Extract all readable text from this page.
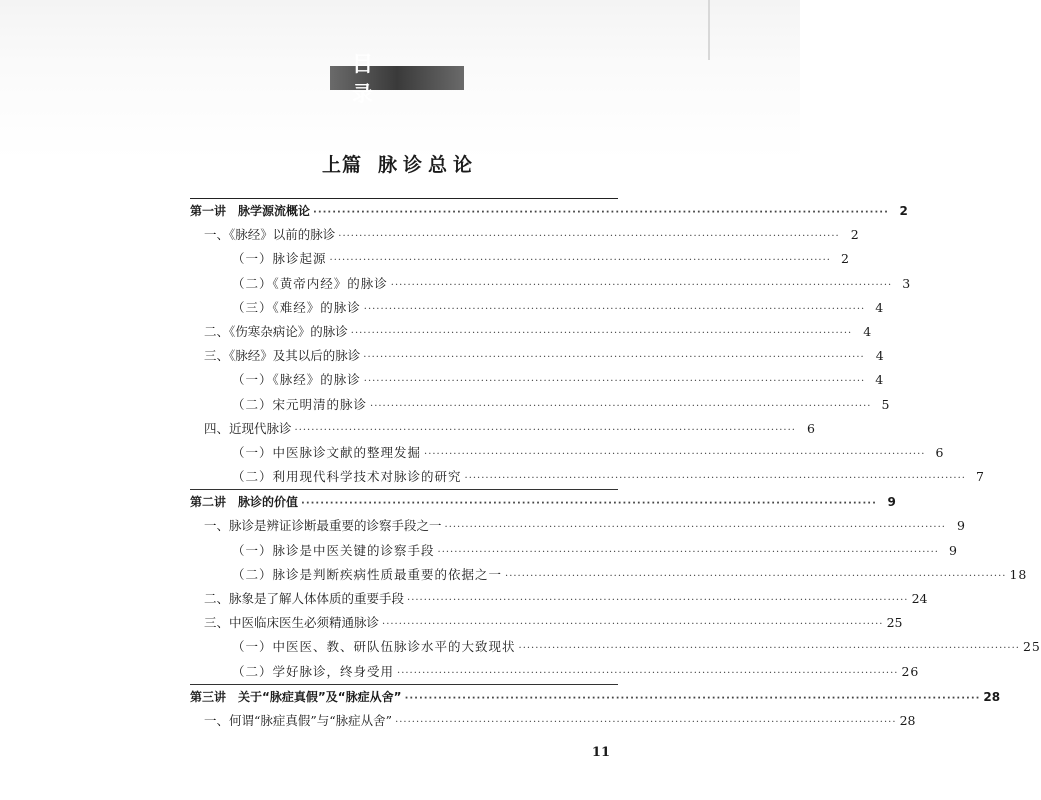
目 录
上篇 脉诊总论
第一讲　脉学源流概论 ························································································································ 2
一、《脉经》以前的脉诊 ························································································································ 2
（一）脉诊起源 ························································································································ 2
（二）《黄帝内经》的脉诊 ························································································································ 3
（三）《难经》的脉诊 ························································································································ 4
二、《伤寒杂病论》的脉诊 ························································································································ 4
三、《脉经》及其以后的脉诊 ························································································································ 4
（一）《脉经》的脉诊 ························································································································ 4
（二）宋元明清的脉诊 ························································································································ 5
四、近现代脉诊 ························································································································ 6
（一）中医脉诊文献的整理发掘 ························································································································ 6
（二）利用现代科学技术对脉诊的研究 ························································································································ 7
第二讲　脉诊的价值 ························································································································ 9
一、脉诊是辨证诊断最重要的诊察手段之一 ························································································································ 9
（一）脉诊是中医关键的诊察手段 ························································································································ 9
（二）脉诊是判断疾病性质最重要的依据之一 ························································································································ 18
二、脉象是了解人体体质的重要手段 ························································································································ 24
三、中医临床医生必须精通脉诊 ························································································································ 25
（一）中医医、教、研队伍脉诊水平的大致现状 ························································································································ 25
（二）学好脉诊，终身受用 ························································································································ 26
第三讲　关于“脉症真假”及“脉症从舍” ························································································································ 28
一、何谓“脉症真假”与“脉症从舍” ························································································································ 28
11
